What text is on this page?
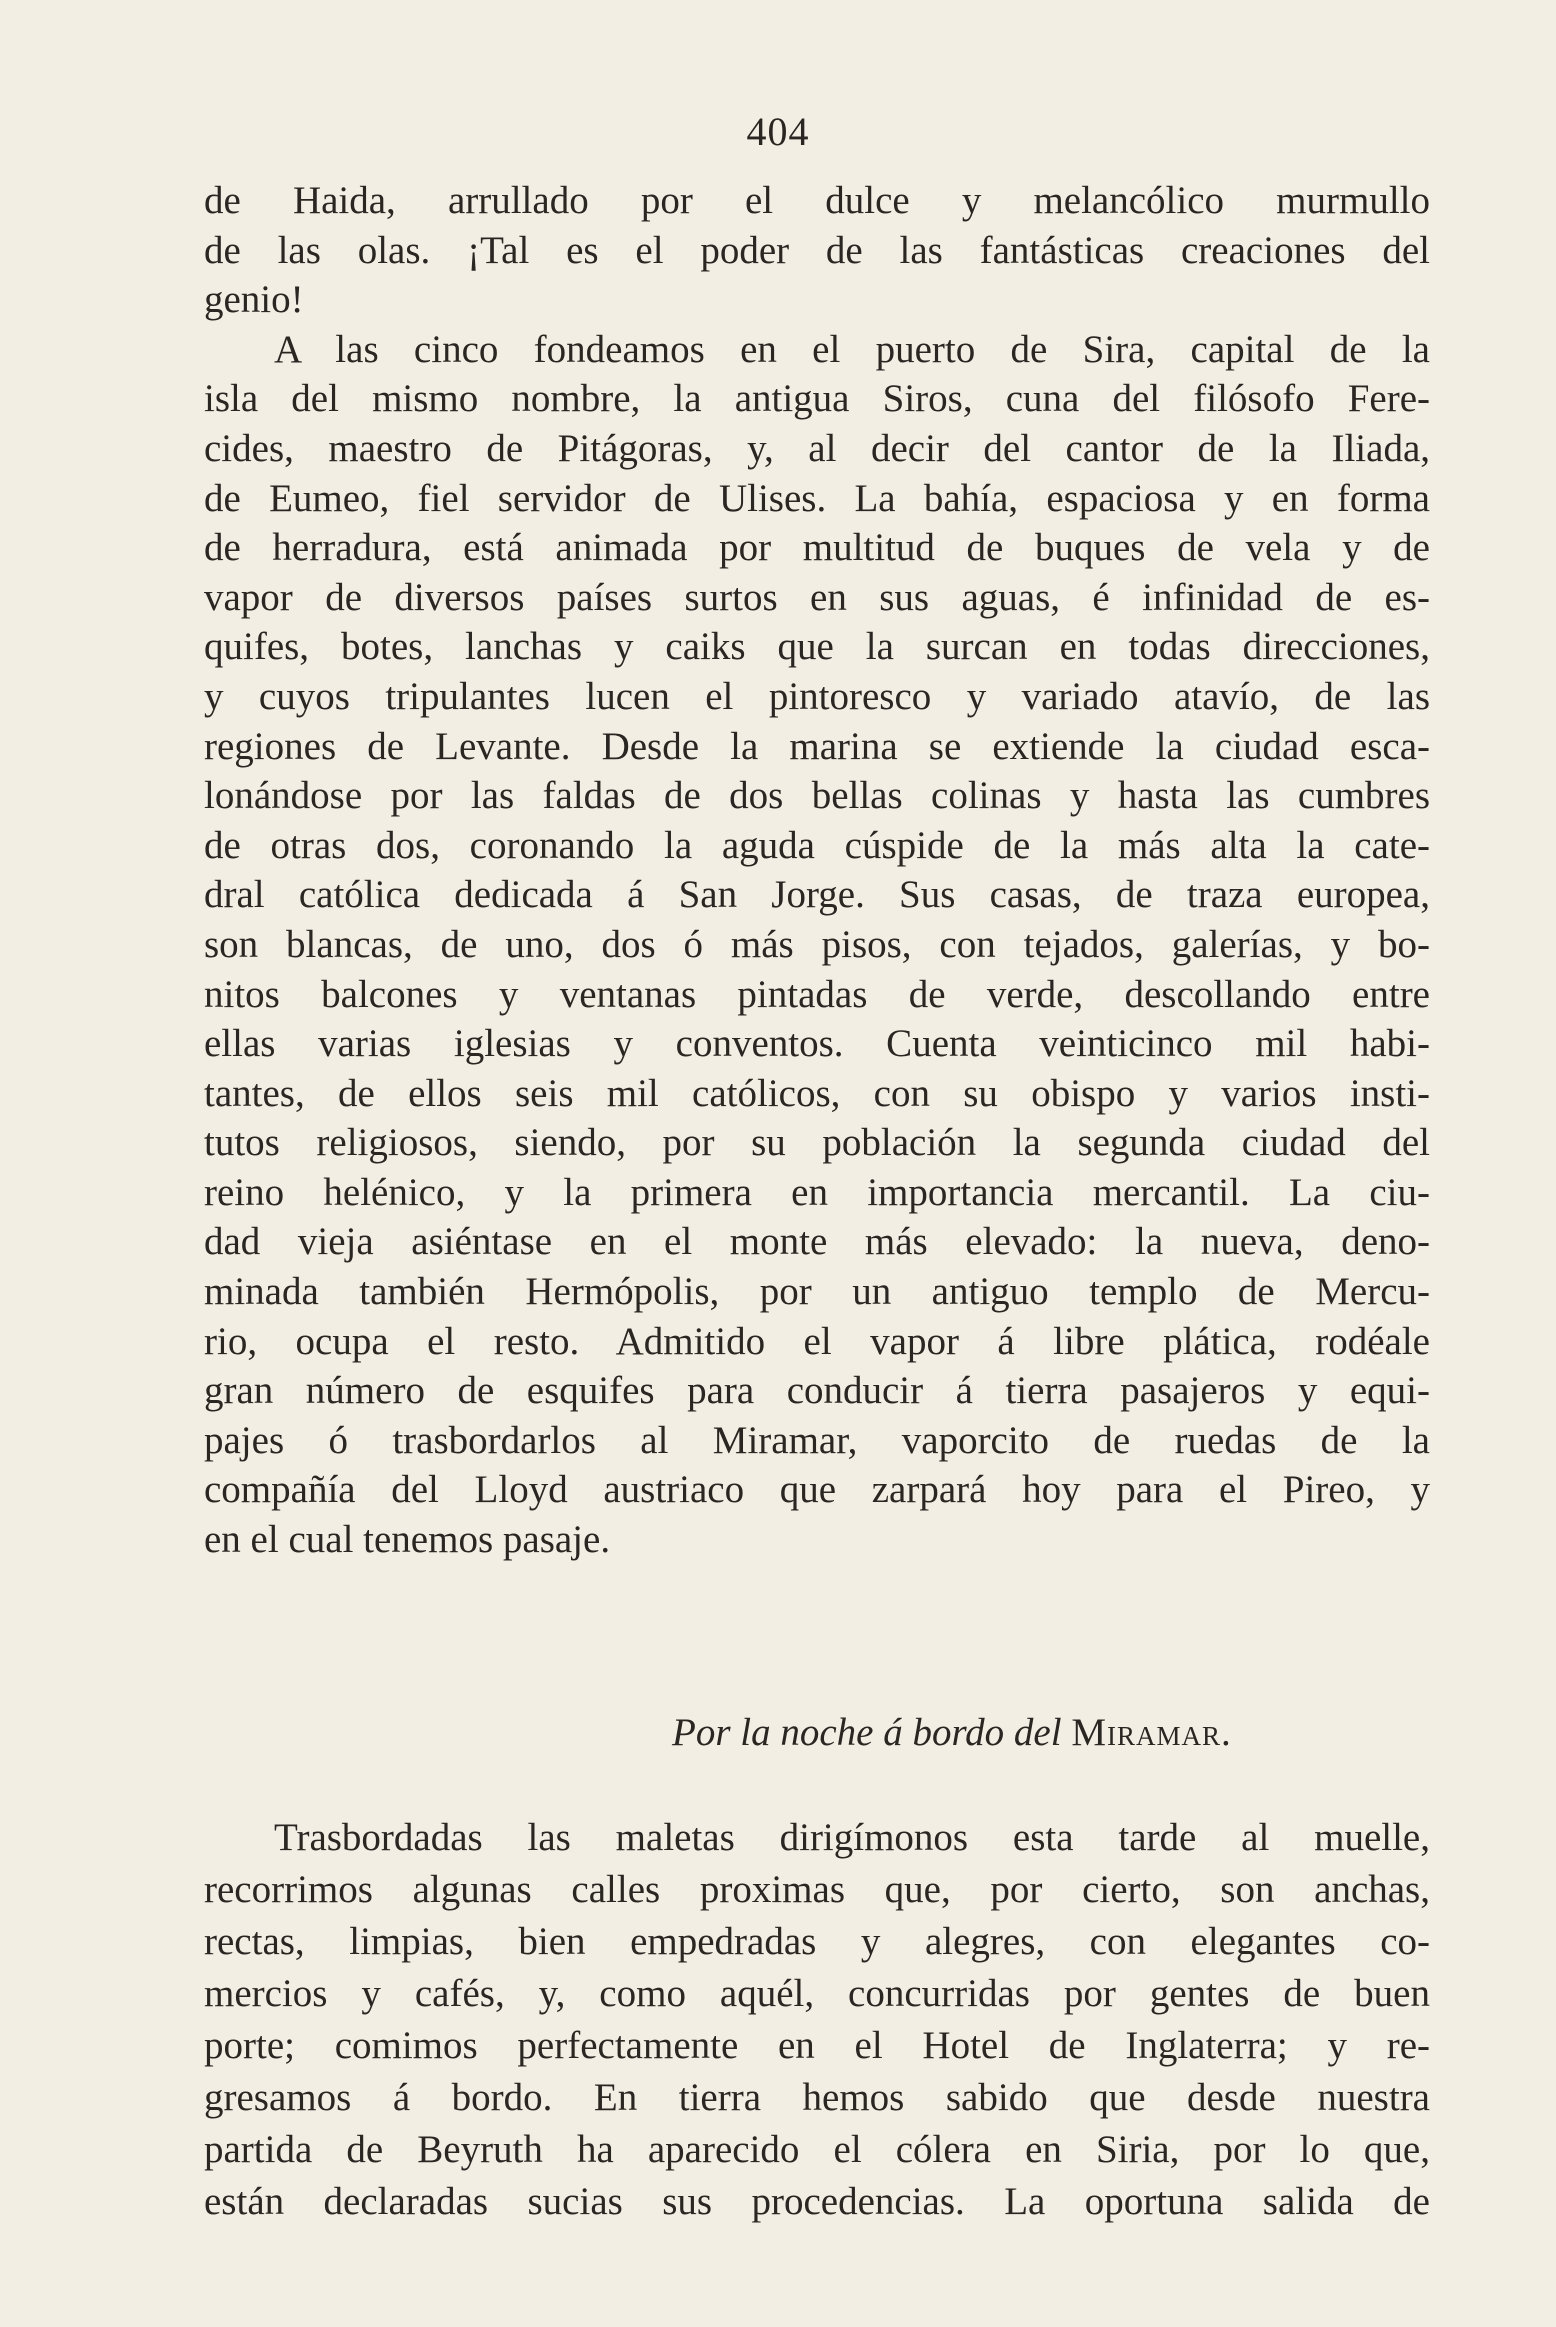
404
de Haida, arrullado por el dulce y melancólico murmullo
de las olas. ¡Tal es el poder de las fantásticas creaciones del
genio!
A las cinco fondeamos en el puerto de Sira, capital de la
isla del mismo nombre, la antigua Siros, cuna del filósofo Fere-
cides, maestro de Pitágoras, y, al decir del cantor de la Iliada,
de Eumeo, fiel servidor de Ulises. La bahía, espaciosa y en forma
de herradura, está animada por multitud de buques de vela y de
vapor de diversos países surtos en sus aguas, é infinidad de es-
quifes, botes, lanchas y caiks que la surcan en todas direcciones,
y cuyos tripulantes lucen el pintoresco y variado atavío, de las
regiones de Levante. Desde la marina se extiende la ciudad esca-
lonándose por las faldas de dos bellas colinas y hasta las cumbres
de otras dos, coronando la aguda cúspide de la más alta la cate-
dral católica dedicada á San Jorge. Sus casas, de traza europea,
son blancas, de uno, dos ó más pisos, con tejados, galerías, y bo-
nitos balcones y ventanas pintadas de verde, descollando entre
ellas varias iglesias y conventos. Cuenta veinticinco mil habi-
tantes, de ellos seis mil católicos, con su obispo y varios insti-
tutos religiosos, siendo, por su población la segunda ciudad del
reino helénico, y la primera en importancia mercantil. La ciu-
dad vieja asiéntase en el monte más elevado: la nueva, deno-
minada también Hermópolis, por un antiguo templo de Mercu-
rio, ocupa el resto. Admitido el vapor á libre plática, rodéale
gran número de esquifes para conducir á tierra pasajeros y equi-
pajes ó trasbordarlos al Miramar, vaporcito de ruedas de la
compañía del Lloyd austriaco que zarpará hoy para el Pireo, y
en el cual tenemos pasaje.
Por la noche á bordo del Miramar.
Trasbordadas las maletas dirigímonos esta tarde al muelle,
recorrimos algunas calles proximas que, por cierto, son anchas,
rectas, limpias, bien empedradas y alegres, con elegantes co-
mercios y cafés, y, como aquél, concurridas por gentes de buen
porte; comimos perfectamente en el Hotel de Inglaterra; y re-
gresamos á bordo. En tierra hemos sabido que desde nuestra
partida de Beyruth ha aparecido el cólera en Siria, por lo que,
están declaradas sucias sus procedencias. La oportuna salida de
